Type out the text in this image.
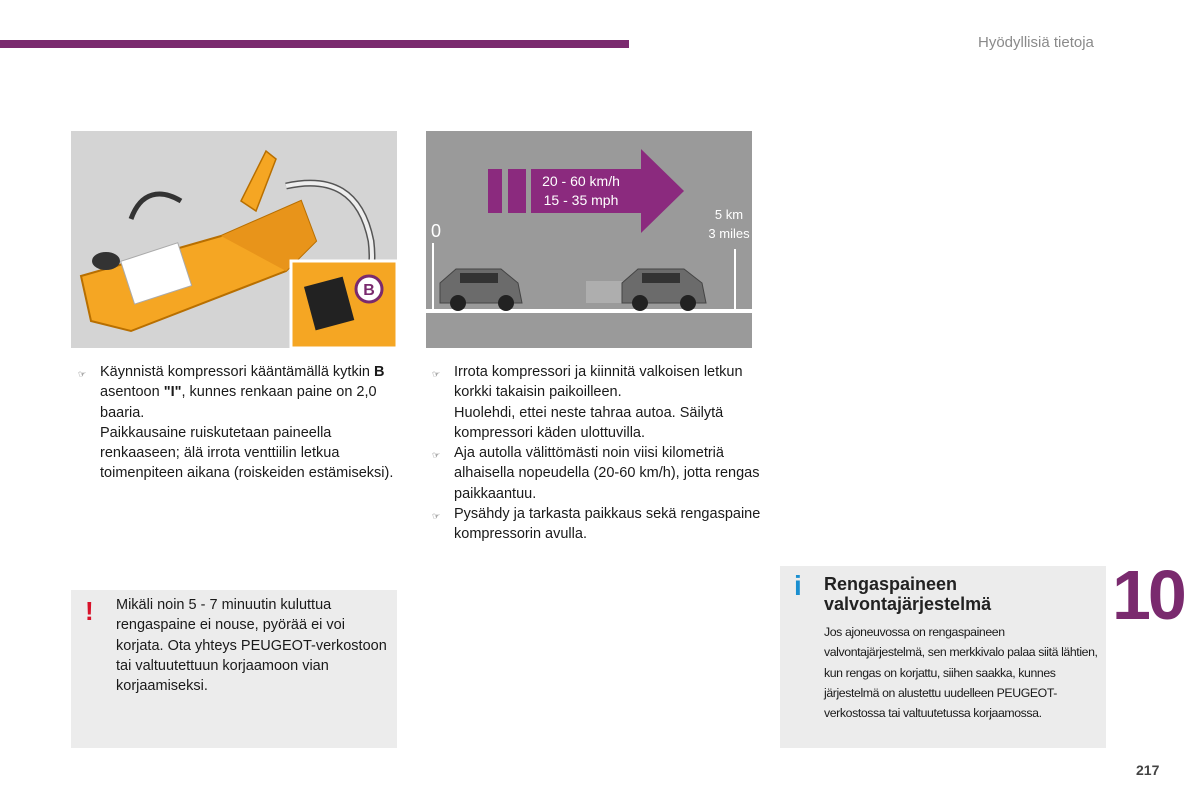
Hyödyllisiä tietoja
B
20 - 60 km/h
15 - 35 mph
0
5 km
3 miles
☞ Käynnistä kompressori kääntämällä kytkin B asentoon "I", kunnes renkaan paine on 2,0 baaria.
Paikkausaine ruiskutetaan paineella renkaaseen; älä irrota venttiilin letkua toimenpiteen aikana (roiskeiden estämiseksi).
☞ Irrota kompressori ja kiinnitä valkoisen letkun korkki takaisin paikoilleen.
Huolehdi, ettei neste tahraa autoa. Säilytä kompressori käden ulottuvilla.
☞ Aja autolla välittömästi noin viisi kilometriä alhaisella nopeudella (20-60 km/h), jotta rengas paikkaantuu.
☞ Pysähdy ja tarkasta paikkaus sekä rengaspaine kompressorin avulla.
! Mikäli noin 5 - 7 minuutin kuluttua rengaspaine ei nouse, pyörää ei voi korjata. Ota yhteys PEUGEOT-verkostoon tai valtuutettuun korjaamoon vian korjaamiseksi.
i Rengaspaineen valvontajärjestelmä
Jos ajoneuvossa on rengaspaineen valvontajärjestelmä, sen merkkivalo palaa siitä lähtien, kun rengas on korjattu, siihen saakka, kunnes järjestelmä on alustettu uudelleen PEUGEOT-verkostossa tai valtuutetussa korjaamossa.
10
217
